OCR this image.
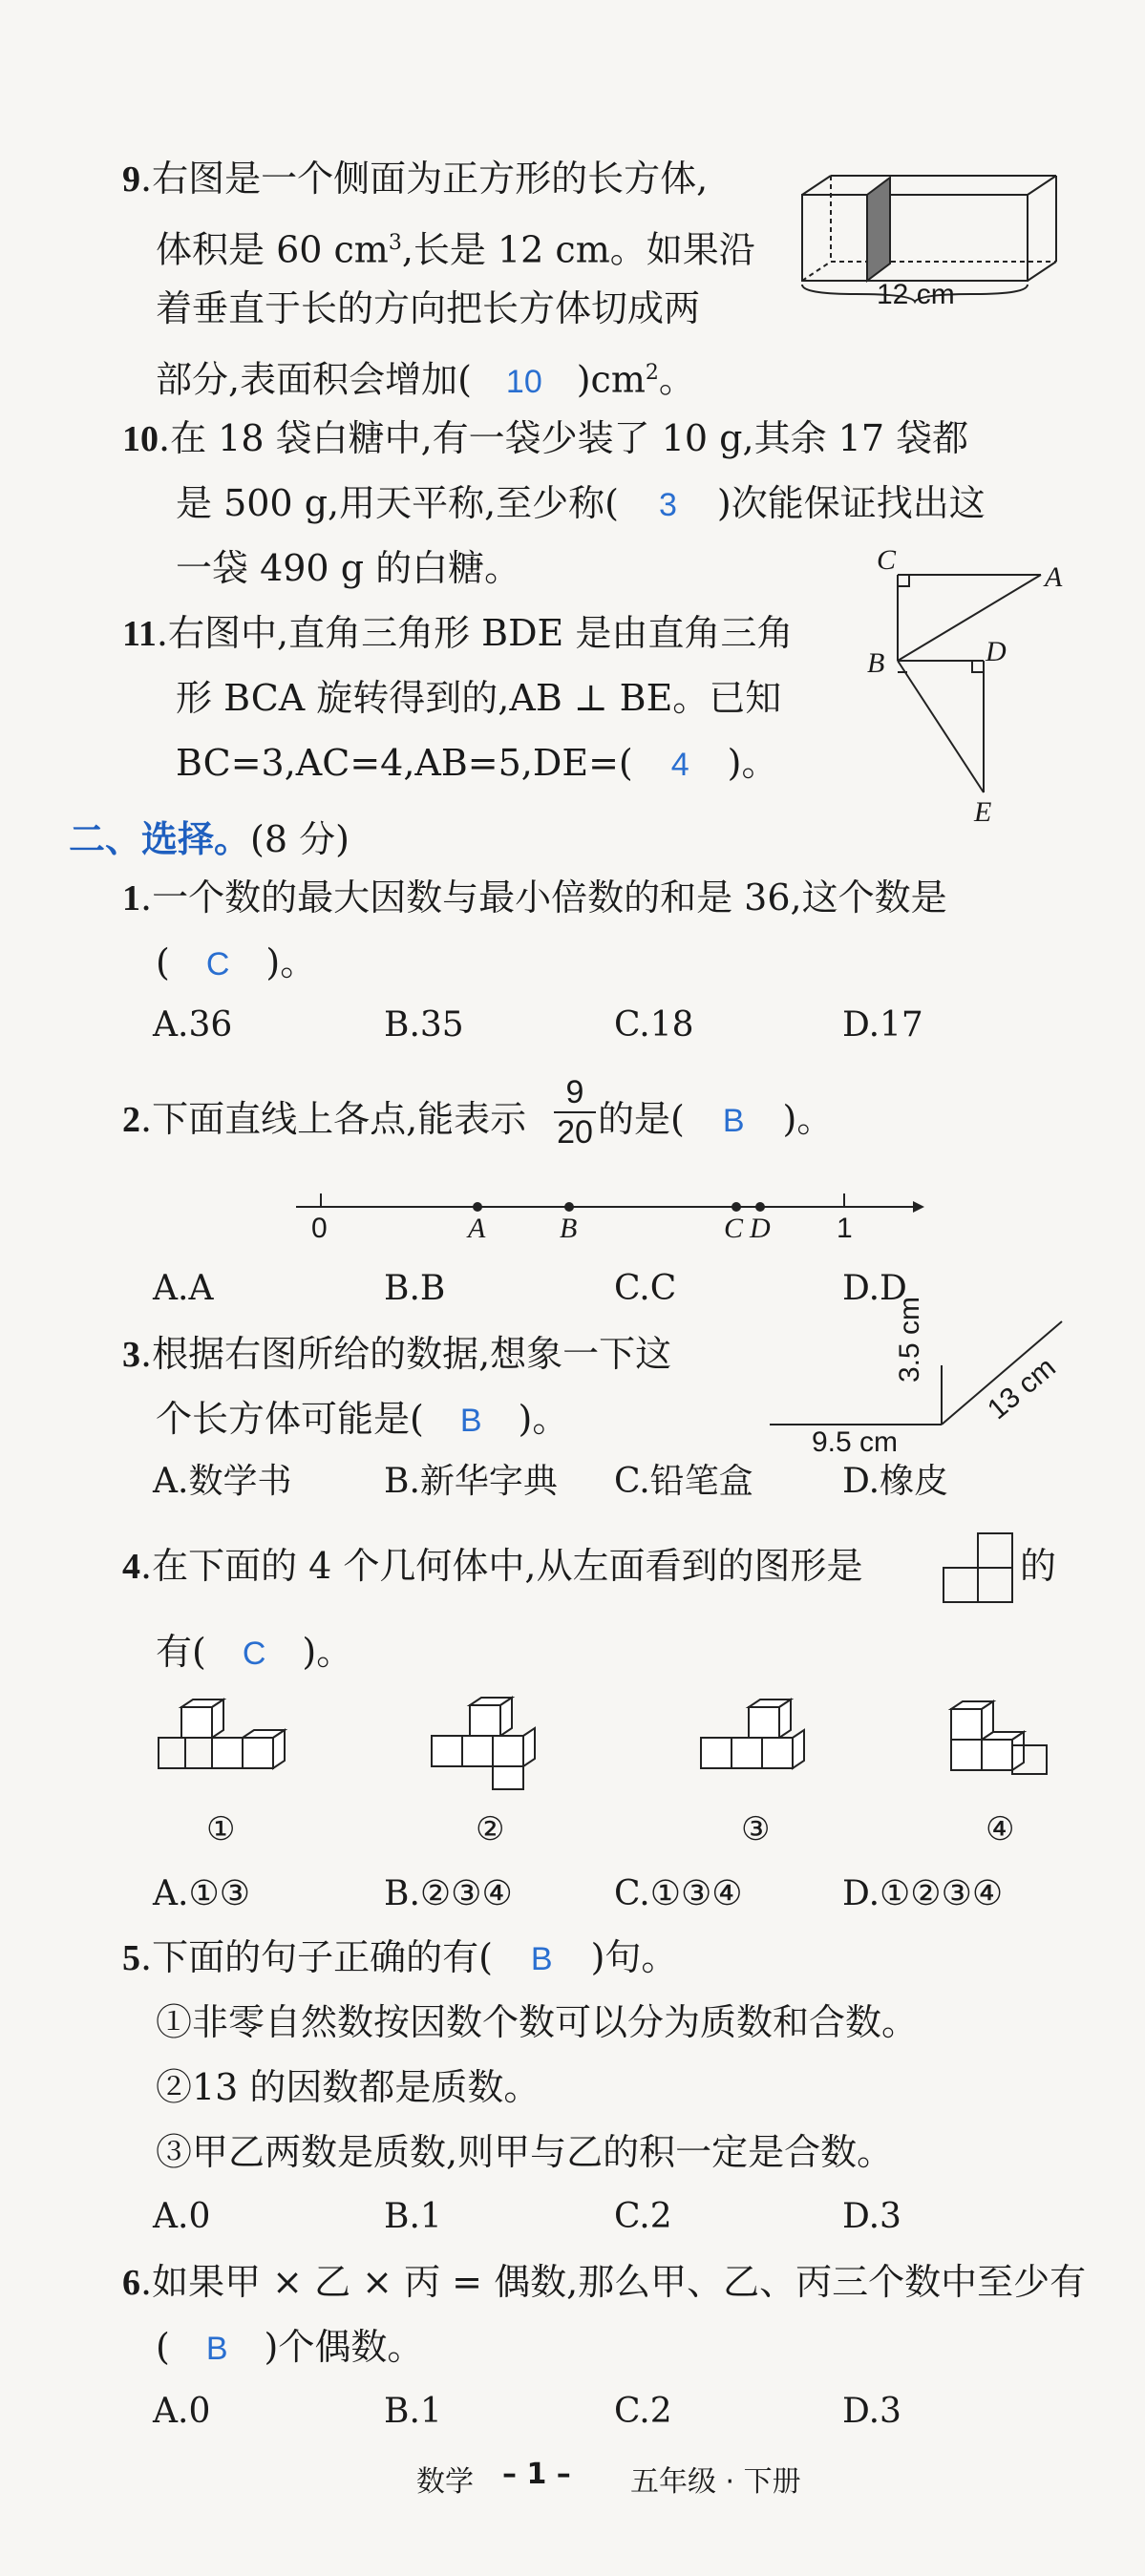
9.右图是一个侧面为正方形的长方体,
体积是 60 $cm^3$,长是 12 cm。如果沿
着垂直于长的方向把长方体切成两
部分,表面积会增加( 10 )$cm^2$。
12 cm
10.在 18 袋白糖中,有一袋少装了 10 g,其余 17 袋都
是 500 g,用天平称,至少称( 3 )次能保证找出这
一袋 490 g 的白糖。
11.右图中,直角三角形 BDE 是由直角三角
形 BCA 旋转得到的,AB ⊥ BE。已知
BC=3,AC=4,AB=5,DE=( 4 )。
C
A
B	D
E
二、选择。(8 分)
1.一个数的最大因数与最小倍数的和是 36,这个数是
( C )。
A.36	B.35	C.18	D.17
2.下面直线上各点,能表示 $\frac{9}{20}$ 的是( B )。
0	A	B	C D 1
A.A	B.B	C.C	D.D
3.根据右图所给的数据,想象一下这
个长方体可能是( B )。
A.数学书	B.新华字典 C.铅笔盒	D.橡皮
3.5 cm
13 cm
9.5 cm
4.在下面的 4 个几何体中,从左面看到的图形是	的
有( C )。
①	②	③	④
A.①③	B.②③④	C.①③④	D.①②③④
5.下面的句子正确的有( B )句。
①非零自然数按因数个数可以分为质数和合数。
②13 的因数都是质数。
③甲乙两数是质数,则甲与乙的积一定是合数。
A.0	B.1	C.2	D.3
6.如果甲 × 乙 × 丙 = 偶数,那么甲、乙、丙三个数中至少有
( B )个偶数。
A.0	B.1	C.2	D.3
数学 – 1 – 五年级 · 下册
